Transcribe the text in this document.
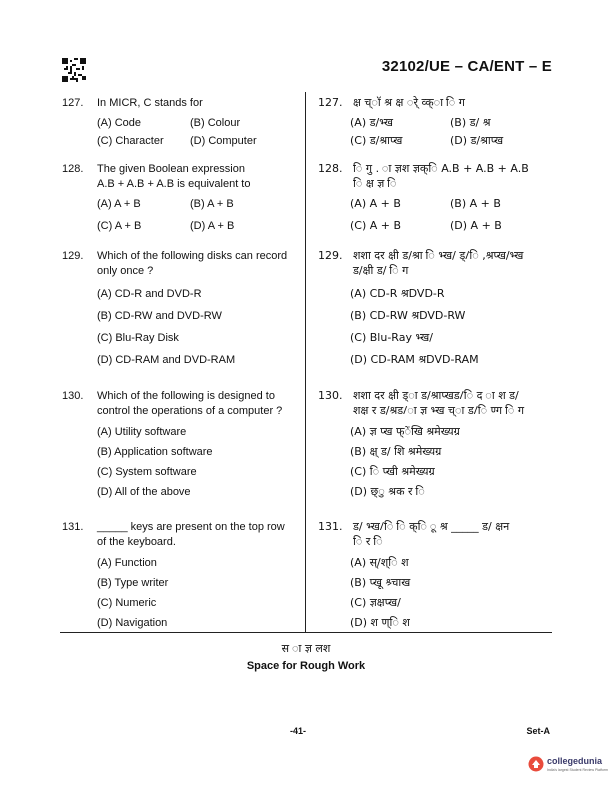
32102/UE – CA/ENT – E
127. In MICR, C stands for
(A) Code	(B) Colour
(C) Character (D) Computer
127. क्ष च्ॉ श्र क्ष र्े व्क्ा ि ग
(A) ड/भ्ख	(B) ड/ श्र
(C) ड/श्राप्ख	(D) ड/श्राप्ख
128. The given Boolean expression
A.B + A.B + A.B is equivalent to
(A) A + B	(B) A + B
(C) A + B	(D) A + B
128. ि गु . ा ज्ञश ज्ञक्ि A.B + A.B + A.B
ि क्ष ज्ञ ि
(A) A + B	(B) A + B
(C) A + B	(D) A + B
129. Which of the following disks can record
only once ?
(A) CD-R and DVD-R
(B) CD-RW and DVD-RW
(C) Blu-Ray Disk
(D) CD-RAM and DVD-RAM
129. शशा दर क्षी ड/श्रा ि भ्ख/ ड्/ि ,श्रप्ख/भ्ख
ड/क्षी ड/ ि ग
(A) CD-R श्रDVD-R
(B) CD-RW श्रDVD-RW
(C) Blu-Ray भ्ख/
(D) CD-RAM श्रDVD-RAM
130. Which of the following is designed to
control the operations of a computer ?
(A) Utility software
(B) Application software
(C) System software
(D) All of the above
130. शशा दर क्षी ड्ा ड/श्राप्खड/ि द ा श ड/
शक्ष र ड/श्रड/ा ज्ञ भ्ख च्ा ड/ि ण्ग ि ग
(A) ज्ञ प्ख फ्ेंखि श्रमेख्यग्र
(B) क्ष् ड/ शि श्रमेख्यग्र
(C) ि प्खी श्रमेख्यग्र
(D) छ्ु श्रक र ि
131. _____ keys are present on the top row
of the keyboard.
(A) Function
(B) Type writer
(C) Numeric
(D) Navigation
131. ड/ भ्ख/ि ि क्ि ू श्र _____ ड/ क्षन
ि र ि
(A) स्/श्ि श
(B) प्खू श्र्चाख
(C) ज्ञक्षप्ख/
(D) श ण्ि श
स ा ज्ञ लश
Space for Rough Work
-41-	Set-A
collegedunia
India's largest Student Review Platform
